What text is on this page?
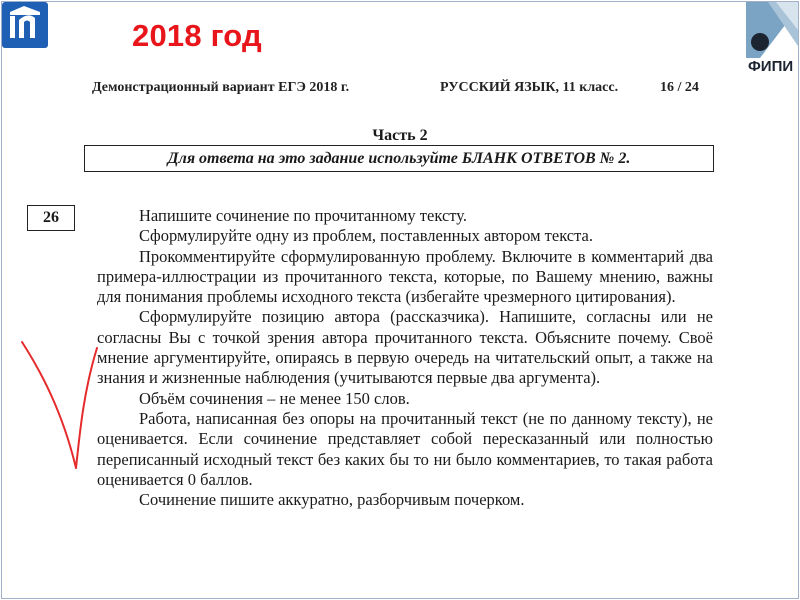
2018 год
ФИПИ
Демонстрационный вариант ЕГЭ 2018 г.	РУССКИЙ ЯЗЫК, 11 класс.	16 / 24
Часть 2
Для ответа на это задание используйте БЛАНК ОТВЕТОВ № 2.
26	Напишите сочинение по прочитанному тексту.

Сформулируйте одну из проблем, поставленных автором текста.

Прокомментируйте сформулированную проблему. Включите в комментарий два примера-иллюстрации из прочитанного текста, которые, по Вашему мнению, важны для понимания проблемы исходного текста (избегайте чрезмерного цитирования).

Сформулируйте позицию автора (рассказчика). Напишите, согласны или не согласны Вы с точкой зрения автора прочитанного текста. Объясните почему. Своё мнение аргументируйте, опираясь в первую очередь на читательский опыт, а также на знания и жизненные наблюдения (учитываются первые два аргумента).

Объём сочинения – не менее 150 слов.

Работа, написанная без опоры на прочитанный текст (не по данному тексту), не оценивается. Если сочинение представляет собой пересказанный или полностью переписанный исходный текст без каких бы то ни было комментариев, то такая работа оценивается 0 баллов.

Сочинение пишите аккуратно, разборчивым почерком.
